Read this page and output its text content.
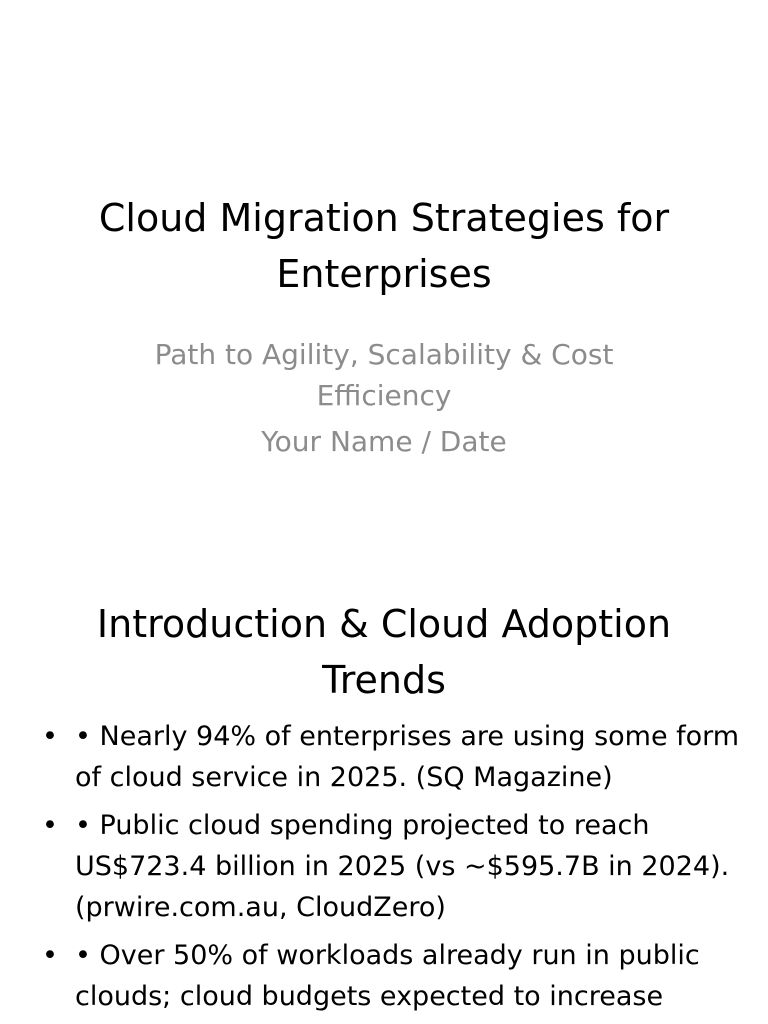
Cloud Migration Strategies for Enterprises

Path to Agility, Scalability & Cost Efficiency

Your Name / Date

Introduction & Cloud Adoption Trends
• • Nearly 94% of enterprises are using some form of cloud service in 2025. (SQ Magazine)
• • Public cloud spending projected to reach US$723.4 billion in 2025 (vs ~$595.7B in 2024). (prwire.com.au, CloudZero)
• • Over 50% of workloads already run in public clouds; cloud budgets expected to increase
